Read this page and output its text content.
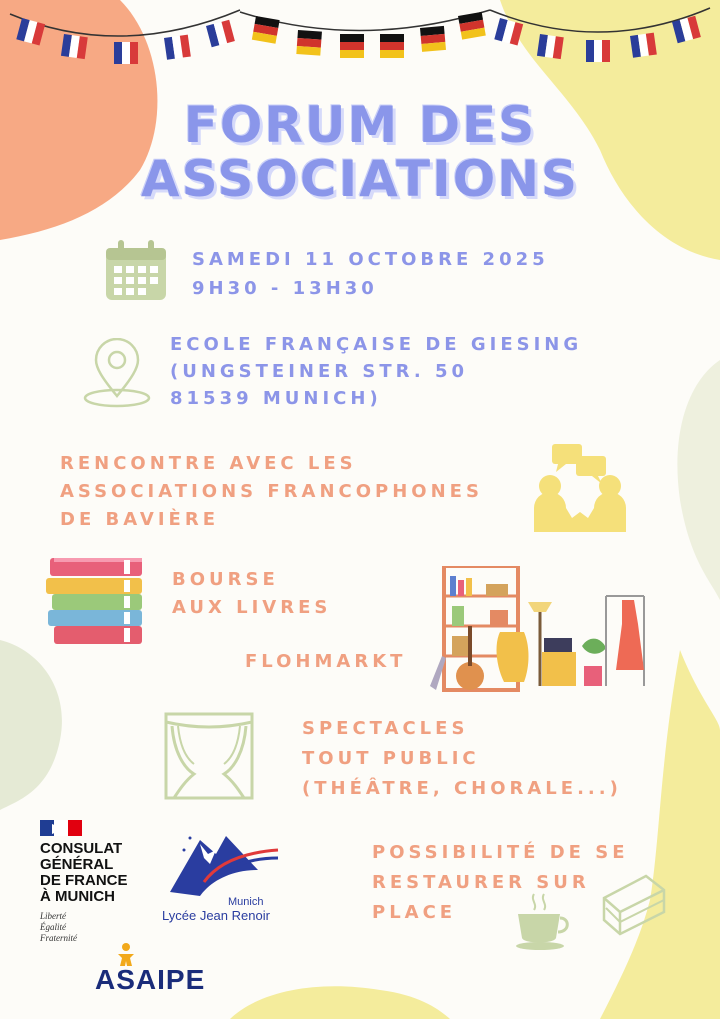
FORUM DES
ASSOCIATIONS
SAMEDI 11 OCTOBRE 2025
9H30 - 13H30
ECOLE FRANÇAISE DE GIESING
(UNGSTEINER STR. 50
81539 MUNICH)
RENCONTRE AVEC LES
ASSOCIATIONS FRANCOPHONES
DE BAVIÈRE
BOURSE
AUX LIVRES
FLOHMARKT
SPECTACLES
TOUT PUBLIC
(THÉÂTRE, CHORALE...)
POSSIBILITÉ DE SE
RESTAURER SUR
PLACE
CONSULAT
GÉNÉRAL
DE FRANCE
À MUNICH
Liberté
Égalité
Fraternité
Munich
Lycée Jean Renoir
ASAIPE
